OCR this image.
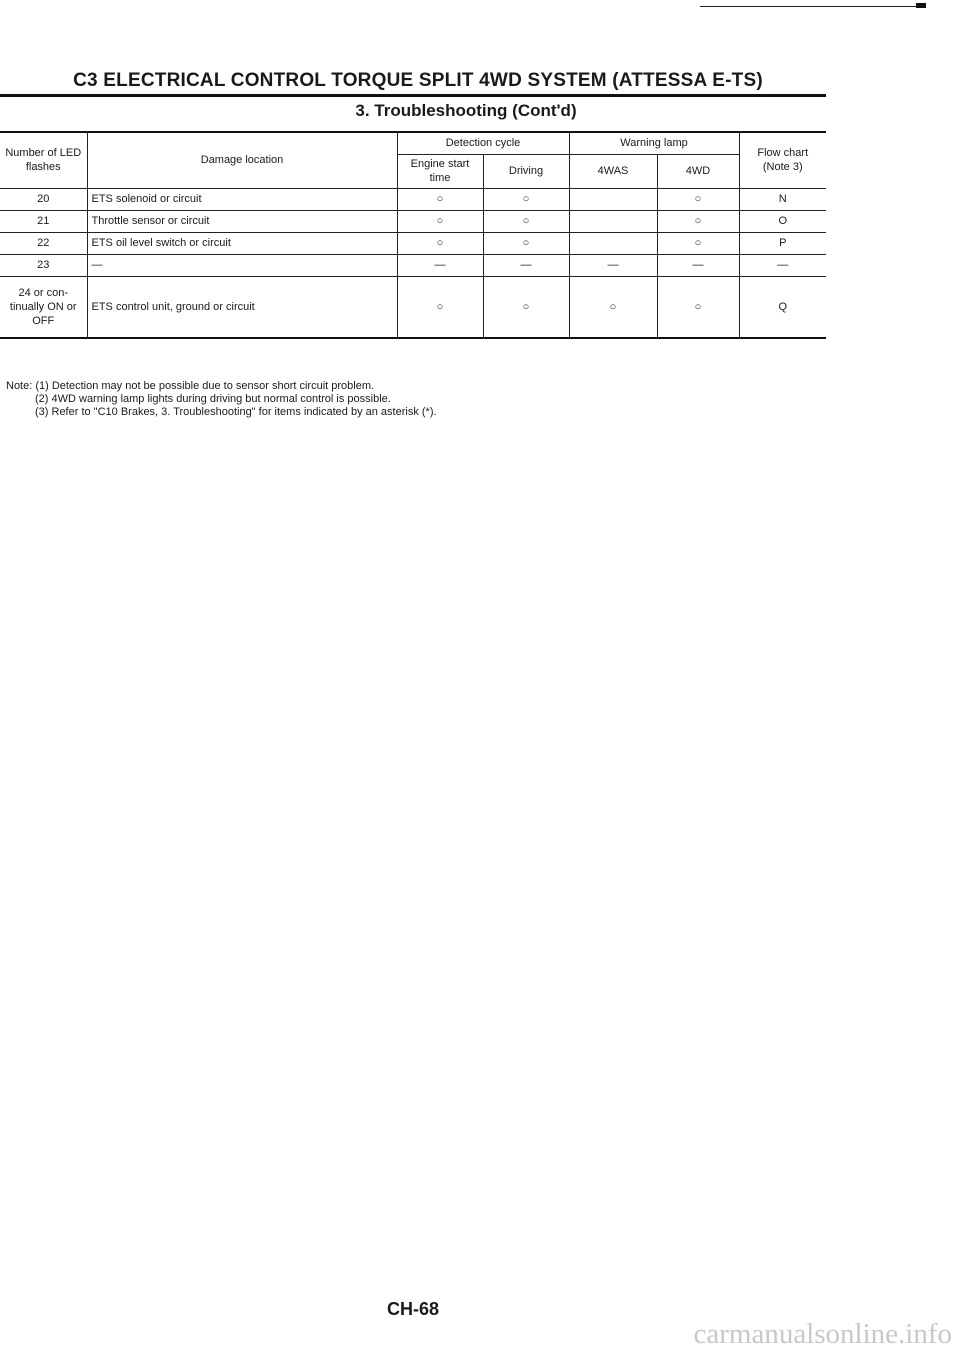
C3 ELECTRICAL CONTROL TORQUE SPLIT 4WD SYSTEM (ATTESSA E-TS)
3. Troubleshooting (Cont'd)
Number of LED flashes	Damage location	Detection cycle		Warning lamp		Flow chart (Note 3)
		Engine start time	Driving	4WAS	4WD	
20	ETS solenoid or circuit	○	○		○	N
21	Throttle sensor or circuit	○	○		○	O
22	ETS oil level switch or circuit	○	○		○	P
23	—	—	—	—	—	—
24 or con-tinually ON or OFF	ETS control unit, ground or circuit	○	○	○	○	Q
Note: (1) Detection may not be possible due to sensor short circuit problem.
(2) 4WD warning lamp lights during driving but normal control is possible.
(3) Refer to "C10 Brakes, 3. Troubleshooting" for items indicated by an asterisk (*).
CH-68
carmanualsonline.info
